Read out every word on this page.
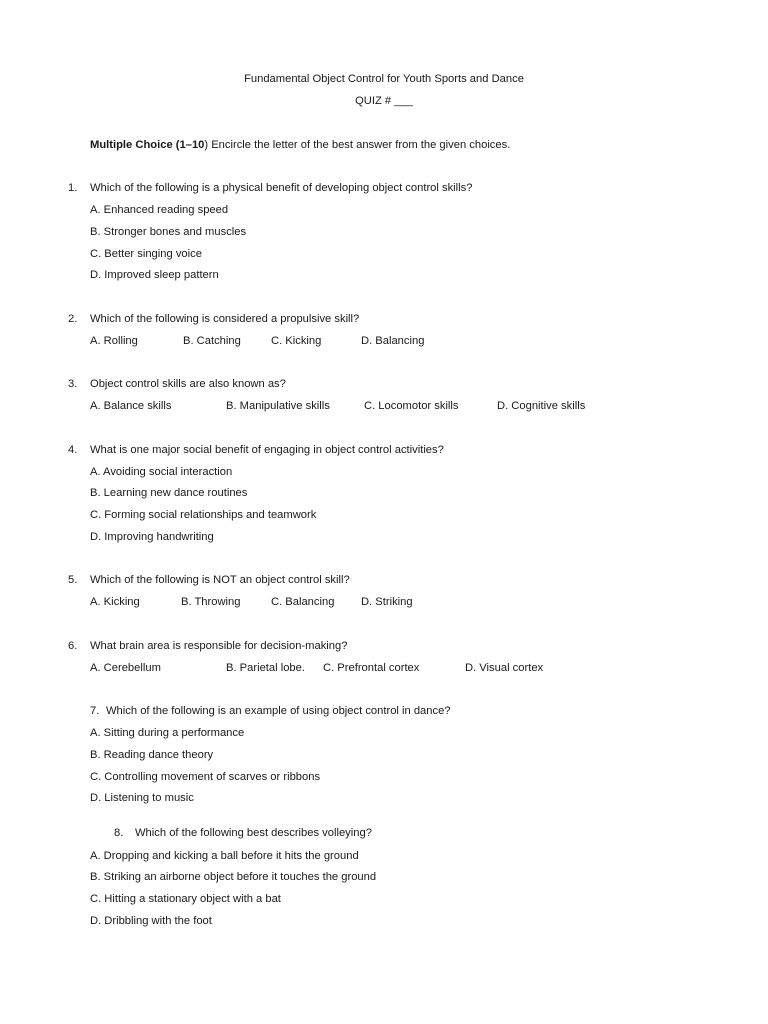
Fundamental Object Control for Youth Sports and Dance
QUIZ # ___
Multiple Choice (1–10) Encircle the letter of the best answer from the given choices.
1. Which of the following is a physical benefit of developing object control skills?
A. Enhanced reading speed
B. Stronger bones and muscles
C. Better singing voice
D. Improved sleep pattern
2. Which of the following is considered a propulsive skill?
A. Rolling	B. Catching	C. Kicking	D. Balancing
3. Object control skills are also known as?
A. Balance skills	B. Manipulative skills	C. Locomotor skills	D. Cognitive skills
4. What is one major social benefit of engaging in object control activities?
A. Avoiding social interaction
B. Learning new dance routines
C. Forming social relationships and teamwork
D. Improving handwriting
5. Which of the following is NOT an object control skill?
A. Kicking	B. Throwing	C. Balancing D. Striking
6. What brain area is responsible for decision-making?
A. Cerebellum	B. Parietal lobe. C. Prefrontal cortex	D. Visual cortex
7. Which of the following is an example of using object control in dance?
A. Sitting during a performance
B. Reading dance theory
C. Controlling movement of scarves or ribbons
D. Listening to music
8. Which of the following best describes volleying?
A. Dropping and kicking a ball before it hits the ground
B. Striking an airborne object before it touches the ground
C. Hitting a stationary object with a bat
D. Dribbling with the foot
